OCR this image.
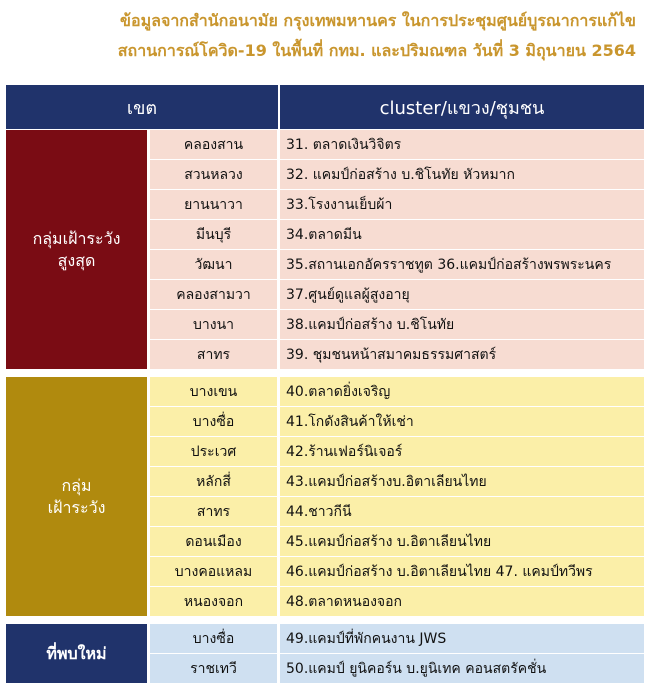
ข้อมูลจากสำนักอนามัย กรุงเทพมหานคร ในการประชุมศูนย์บูรณาการแก้ไข
สถานการณ์โควิด-19 ในพื้นที่ กทม. และปริมณฑล วันที่ 3 มิถุนายน 2564
เขต		cluster/แขวง/ชุมชน

กลุ่มเฝ้าระวัง
สูงสุด	คลองสาน	31. ตลาดเงินวิจิตร
	สวนหลวง	32. แคมป์ก่อสร้าง บ.ชิโนทัย หัวหมาก
	ยานนาวา	33.โรงงานเย็บผ้า
	มีนบุรี	34.ตลาดมีน
	วัฒนา	35.สถานเอกอัครราชทูต 36.แคมป์ก่อสร้างพรพระนคร
	คลองสามวา	37.ศูนย์ดูแลผู้สูงอายุ
	บางนา	38.แคมป์ก่อสร้าง บ.ชิโนทัย
	สาทร	39. ชุมชนหน้าสมาคมธรรมศาสตร์

กลุ่ม
เฝ้าระวัง	บางเขน	40.ตลาดยิ่งเจริญ
	บางซื่อ	41.โกดังสินค้าให้เช่า
	ประเวศ	42.ร้านเฟอร์นิเจอร์
	หลักสี่	43.แคมป์ก่อสร้างบ.อิตาเลียนไทย
	สาทร	44.ชาวกีนี
	ดอนเมือง	45.แคมป์ก่อสร้าง บ.อิตาเลียนไทย
	บางคอแหลม	46.แคมป์ก่อสร้าง บ.อิตาเลียนไทย 47. แคมป์ทวีพร
	หนองจอก	48.ตลาดหนองจอก

ที่พบใหม่	บางซื่อ	49.แคมป์ที่พักคนงาน JWS
	ราชเทวี	50.แคมป์ ยูนิคอร์น บ.ยูนิเทค คอนสตรัคชั่น
